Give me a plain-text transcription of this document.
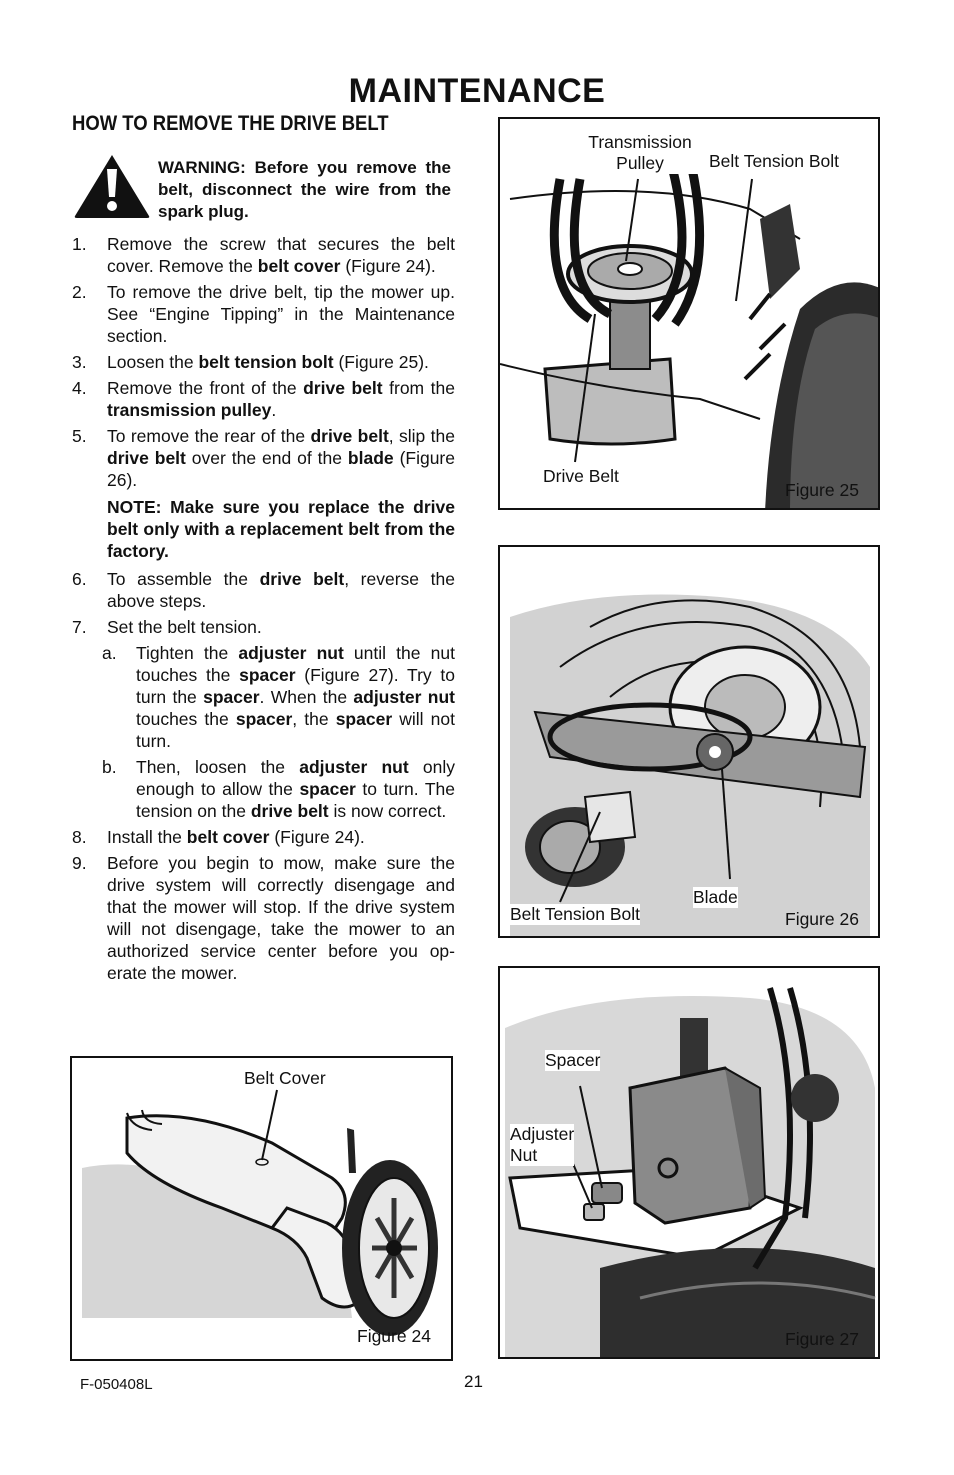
MAINTENANCE
HOW TO REMOVE THE DRIVE BELT
WARNING: Before you remove the belt, disconnect the wire from the spark plug.
1. Remove the screw that secures the belt cover. Remove the belt cover (Figure 24).
2. To remove the drive belt, tip the mower up. See “Engine Tipping” in the Maintenance section.
3. Loosen the belt tension bolt (Figure 25).
4. Remove the front of the drive belt from the transmission pulley.
5. To remove the rear of the drive belt, slip the drive belt over the end of the blade (Figure 26).
NOTE: Make sure you replace the drive belt only with a replacement belt from the factory.
6. To assemble the drive belt, reverse the above steps.
7. Set the belt tension.
a. Tighten the adjuster nut until the nut touches the spacer (Figure 27). Try to turn the spacer. When the adjuster nut touches the spacer, the spacer will not turn.
b. Then, loosen the adjuster nut only enough to allow the spacer to turn. The tension on the drive belt is now correct.
8. Install the belt cover (Figure 24).
9. Before you begin to mow, make sure the drive system will correctly disengage and that the mower will stop. If the drive system will not disengage, take the mower to an authorized service center before you op-erate the mower.
Belt Cover
Figure 24
Transmission
Pulley	Belt Tension Bolt
Drive Belt
Figure 25
Belt Tension Bolt
Blade
Figure 26
Spacer
Adjuster
Nut
Figure 27
F-050408L	21
